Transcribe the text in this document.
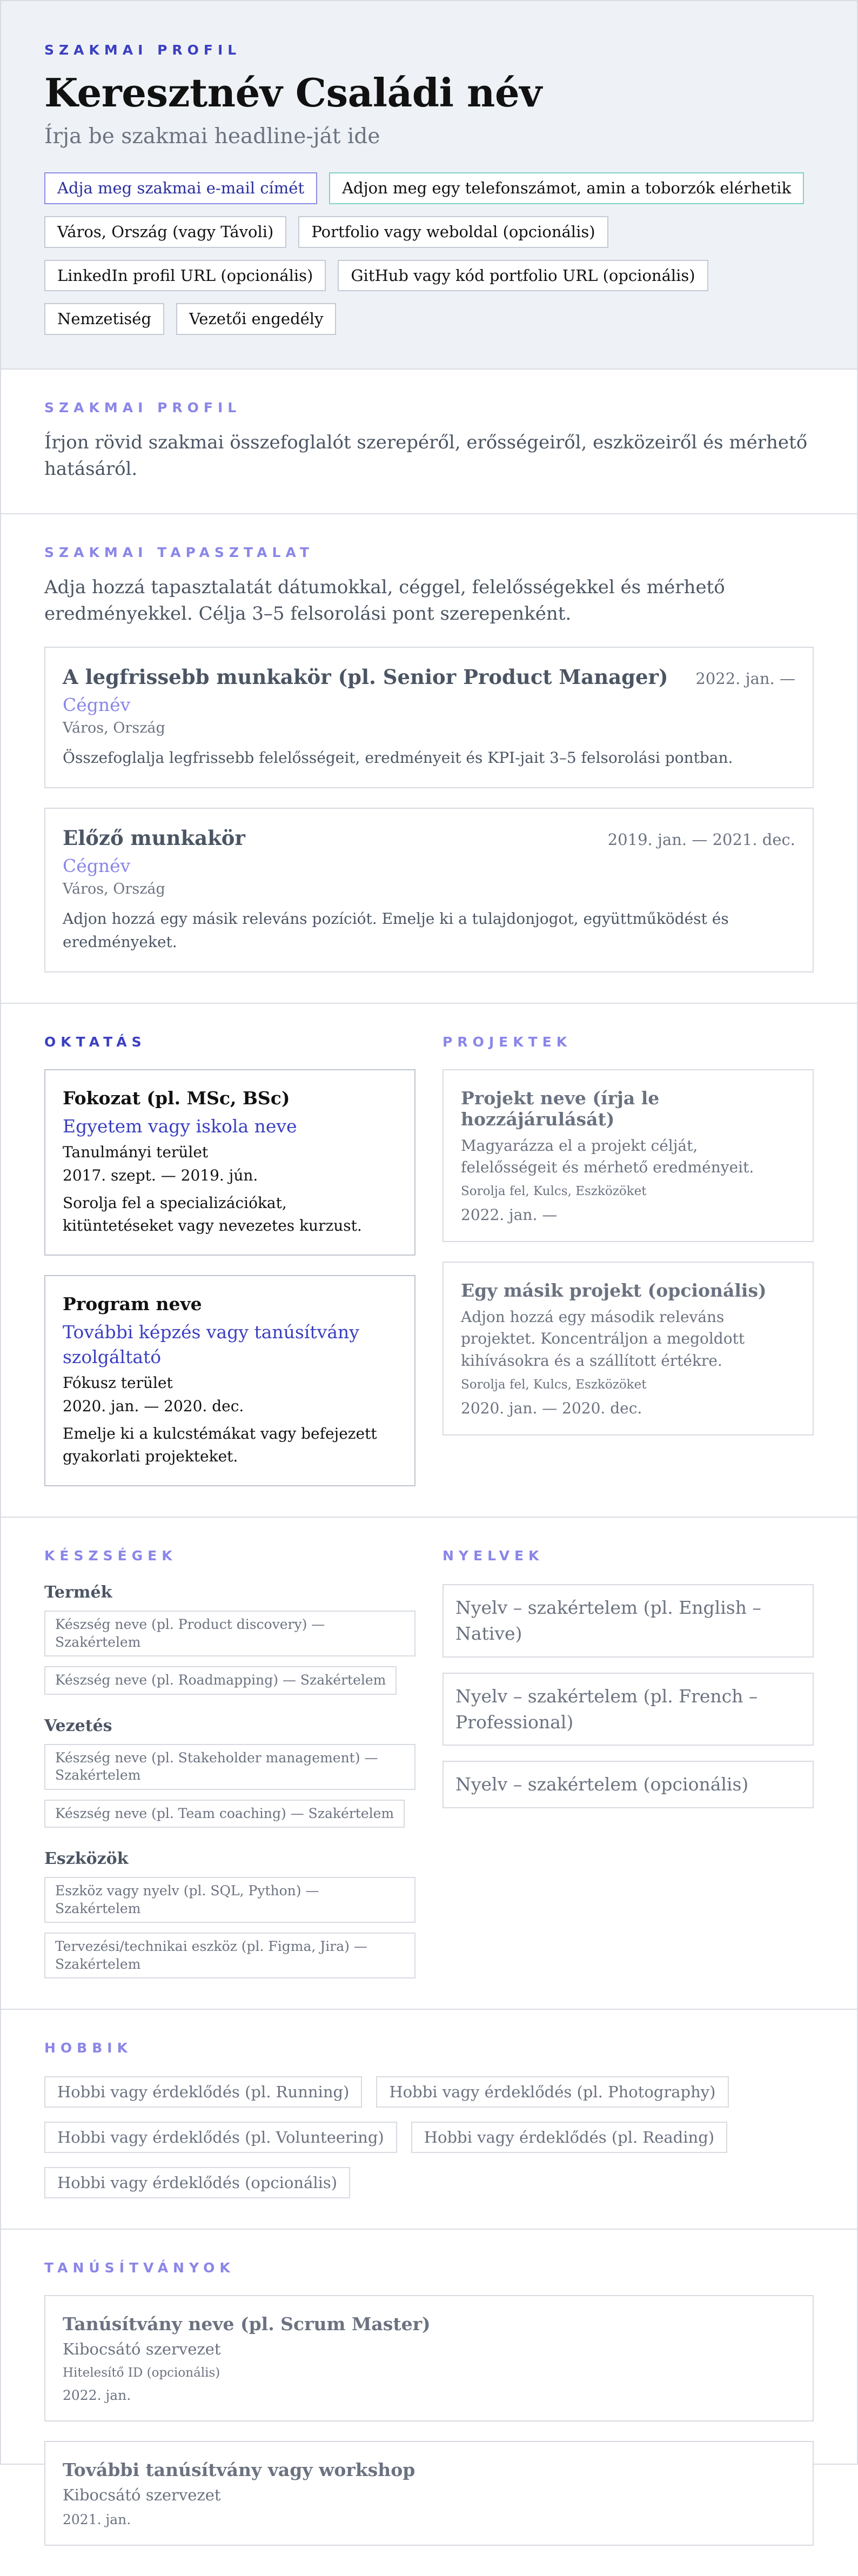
SZAKMAI PROFIL
Keresztnév Családi név
Írja be szakmai headline-ját ide
Adja meg szakmai e-mail címét	Adjon meg egy telefonszámot, amin a toborzók elérhetik
Város, Ország (vagy Távoli)	Portfolio vagy weboldal (opcionális)
LinkedIn profil URL (opcionális)	GitHub vagy kód portfolio URL (opcionális)
Nemzetiség	Vezetői engedély
SZAKMAI PROFIL
Írjon rövid szakmai összefoglalót szerepéről, erősségeiről, eszközeiről és mérhető hatásáról.
SZAKMAI TAPASZTALAT
Adja hozzá tapasztalatát dátumokkal, céggel, felelősségekkel és mérhető eredményekkel. Célja 3–5 felsorolási pont szerepenként.
A legfrissebb munkakör (pl. Senior Product Manager) 2022. jan. —
Cégnév
Város, Ország
Összefoglalja legfrissebb felelősségeit, eredményeit és KPI-jait 3–5 felsorolási pontban.
Előző munkakör	2019. jan. — 2021. dec.
Cégnév
Város, Ország
Adjon hozzá egy másik releváns pozíciót. Emelje ki a tulajdonjogot, együttműködést és eredményeket.
OKTATÁS
Fokozat (pl. MSc, BSc)
Egyetem vagy iskola neve
Tanulmányi terület
2017. szept. — 2019. jún.
Sorolja fel a specializációkat, kitüntetéseket vagy nevezetes kurzust.
Program neve
További képzés vagy tanúsítvány szolgáltató
Fókusz terület
2020. jan. — 2020. dec.
Emelje ki a kulcstémákat vagy befejezett gyakorlati projekteket.
PROJEKTEK
Projekt neve (írja le hozzájárulását)
Magyarázza el a projekt célját, felelősségeit és mérhető eredményeit.
Sorolja fel, Kulcs, Eszközöket
2022. jan. —
Egy másik projekt (opcionális)
Adjon hozzá egy második releváns projektet. Koncentráljon a megoldott kihívásokra és a szállított értékre.
Sorolja fel, Kulcs, Eszközöket
2020. jan. — 2020. dec.
KÉSZSÉGEK
Termék
Készség neve (pl. Product discovery) — Szakértelem
Készség neve (pl. Roadmapping) — Szakértelem
Vezetés
Készség neve (pl. Stakeholder management) — Szakértelem
Készség neve (pl. Team coaching) — Szakértelem
Eszközök
Eszköz vagy nyelv (pl. SQL, Python) — Szakértelem
Tervezési/technikai eszköz (pl. Figma, Jira) — Szakértelem
NYELVEK
Nyelv – szakértelem (pl. English – Native)
Nyelv – szakértelem (pl. French – Professional)
Nyelv – szakértelem (opcionális)
HOBBIK
Hobbi vagy érdeklődés (pl. Running)	Hobbi vagy érdeklődés (pl. Photography)
Hobbi vagy érdeklődés (pl. Volunteering)	Hobbi vagy érdeklődés (pl. Reading)
Hobbi vagy érdeklődés (opcionális)
TANÚSÍTVÁNYOK
Tanúsítvány neve (pl. Scrum Master)
Kibocsátó szervezet
Hitelesítő ID (opcionális)
2022. jan.
További tanúsítvány vagy workshop
Kibocsátó szervezet
2021. jan.
